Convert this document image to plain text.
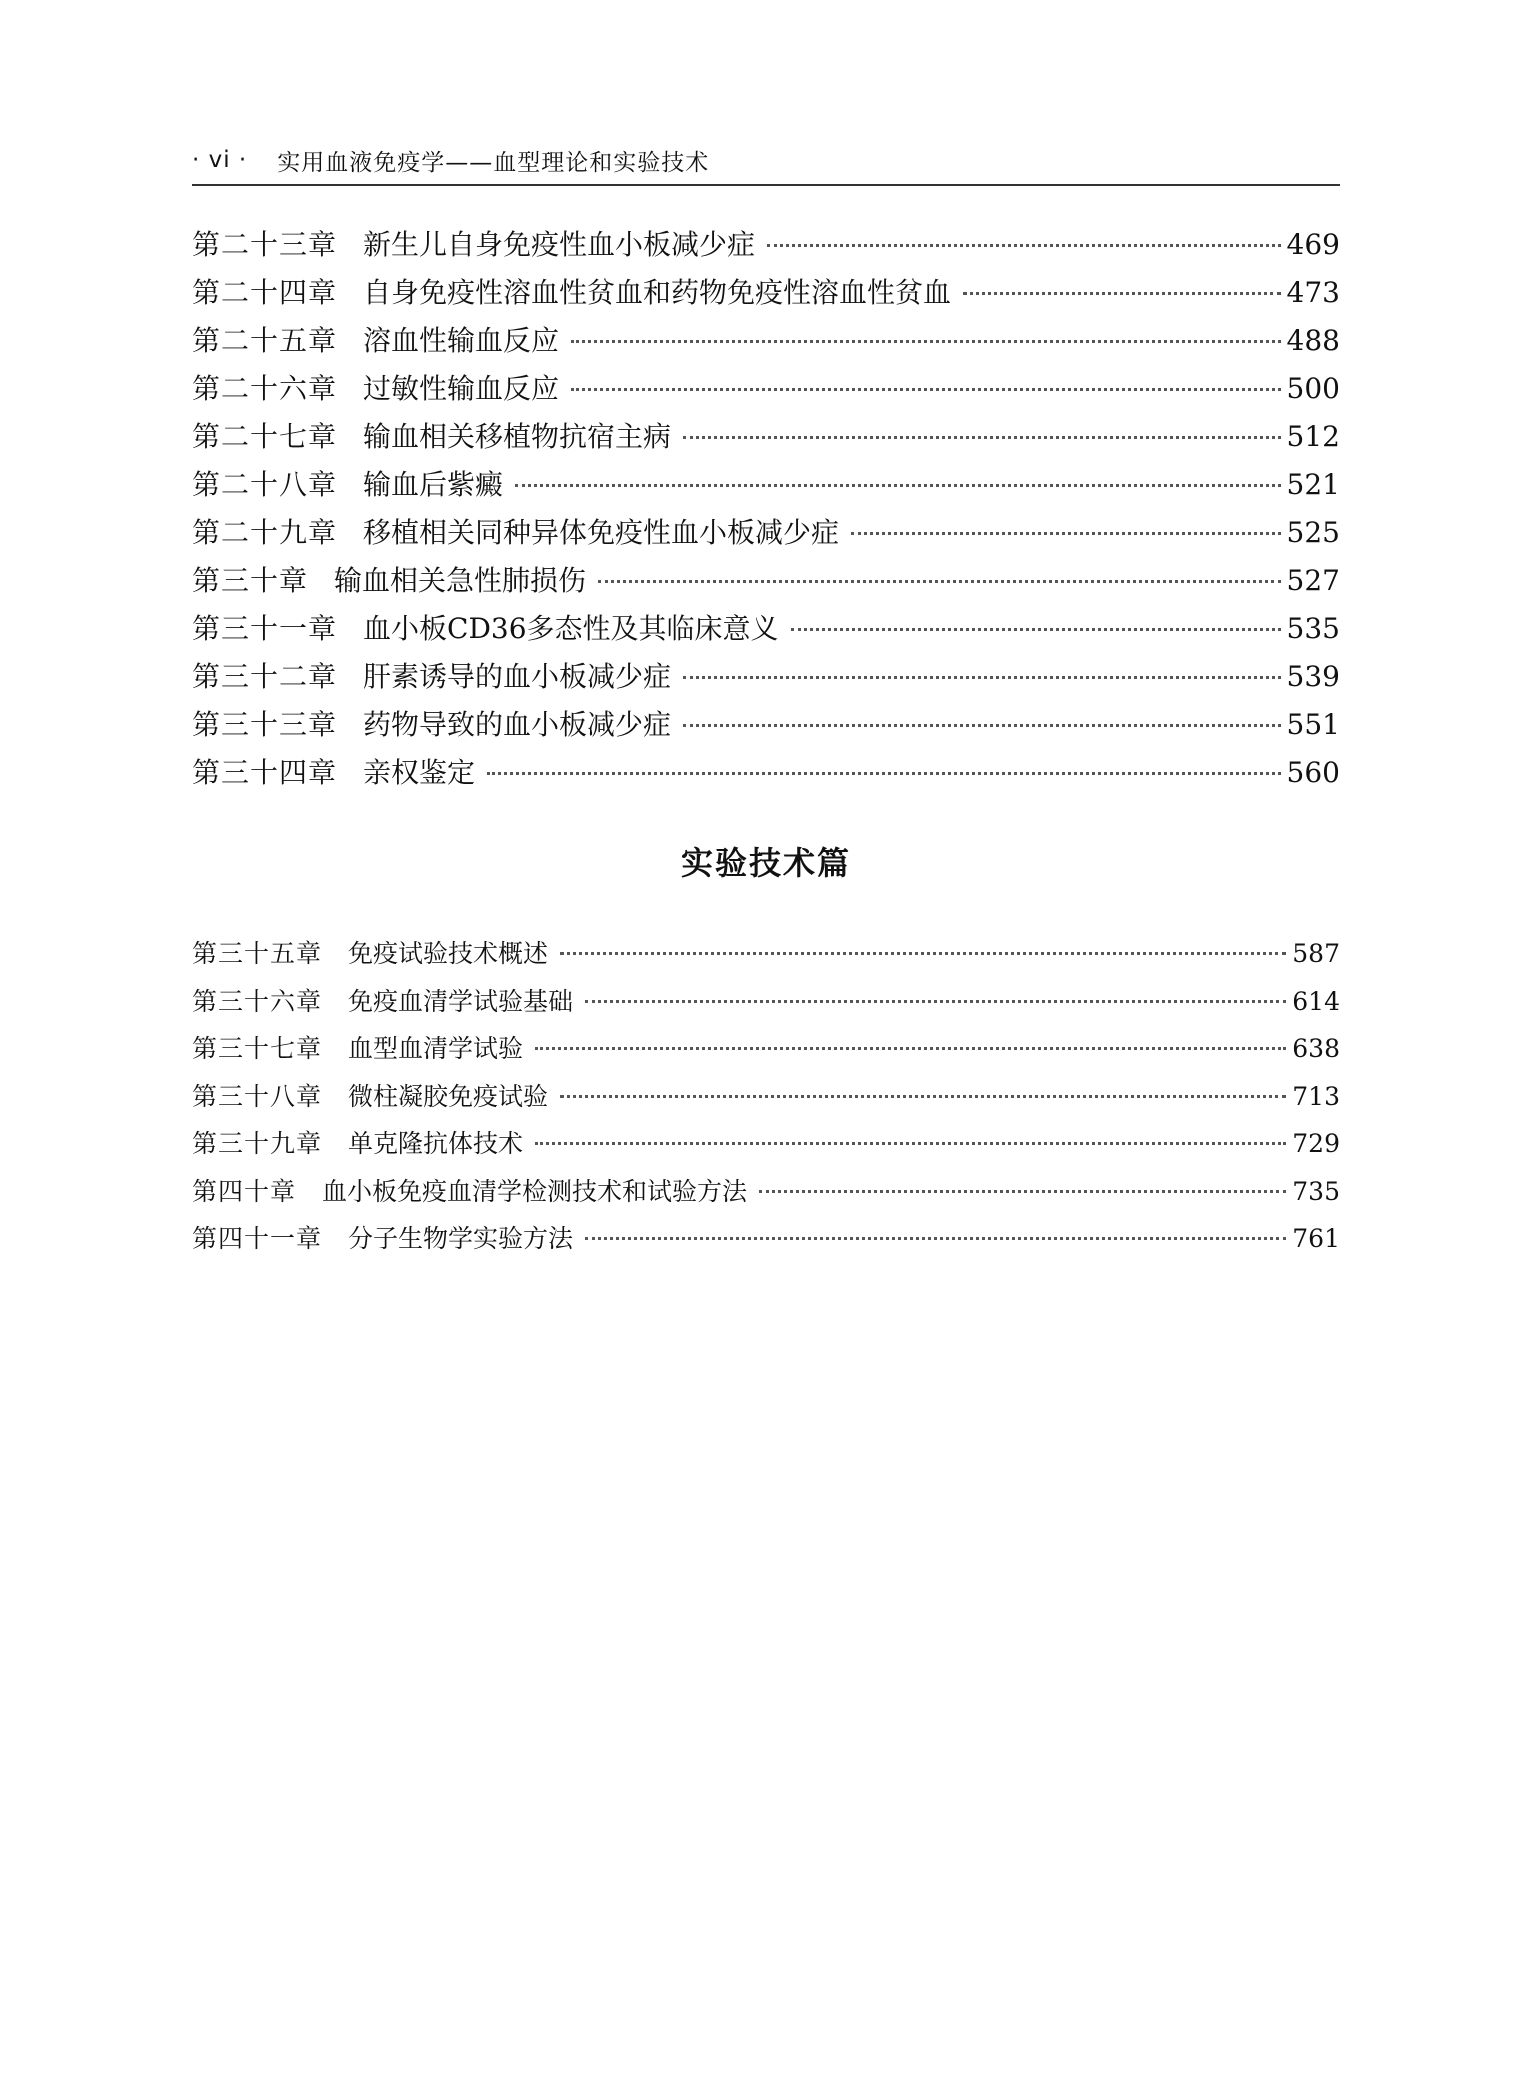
· vi · 实用血液免疫学——血型理论和实验技术
第二十三章 新生儿自身免疫性血小板减少症	469
第二十四章 自身免疫性溶血性贫血和药物免疫性溶血性贫血	473
第二十五章 溶血性输血反应	488
第二十六章 过敏性输血反应	500
第二十七章 输血相关移植物抗宿主病	512
第二十八章 输血后紫癜	521
第二十九章 移植相关同种异体免疫性血小板减少症	525
第三十章 输血相关急性肺损伤	527
第三十一章 血小板CD36多态性及其临床意义	535
第三十二章 肝素诱导的血小板减少症	539
第三十三章 药物导致的血小板减少症	551
第三十四章 亲权鉴定	560
实验技术篇
第三十五章 免疫试验技术概述	587
第三十六章 免疫血清学试验基础	614
第三十七章 血型血清学试验	638
第三十八章 微柱凝胶免疫试验	713
第三十九章 单克隆抗体技术	729
第四十章 血小板免疫血清学检测技术和试验方法	735
第四十一章 分子生物学实验方法	761
